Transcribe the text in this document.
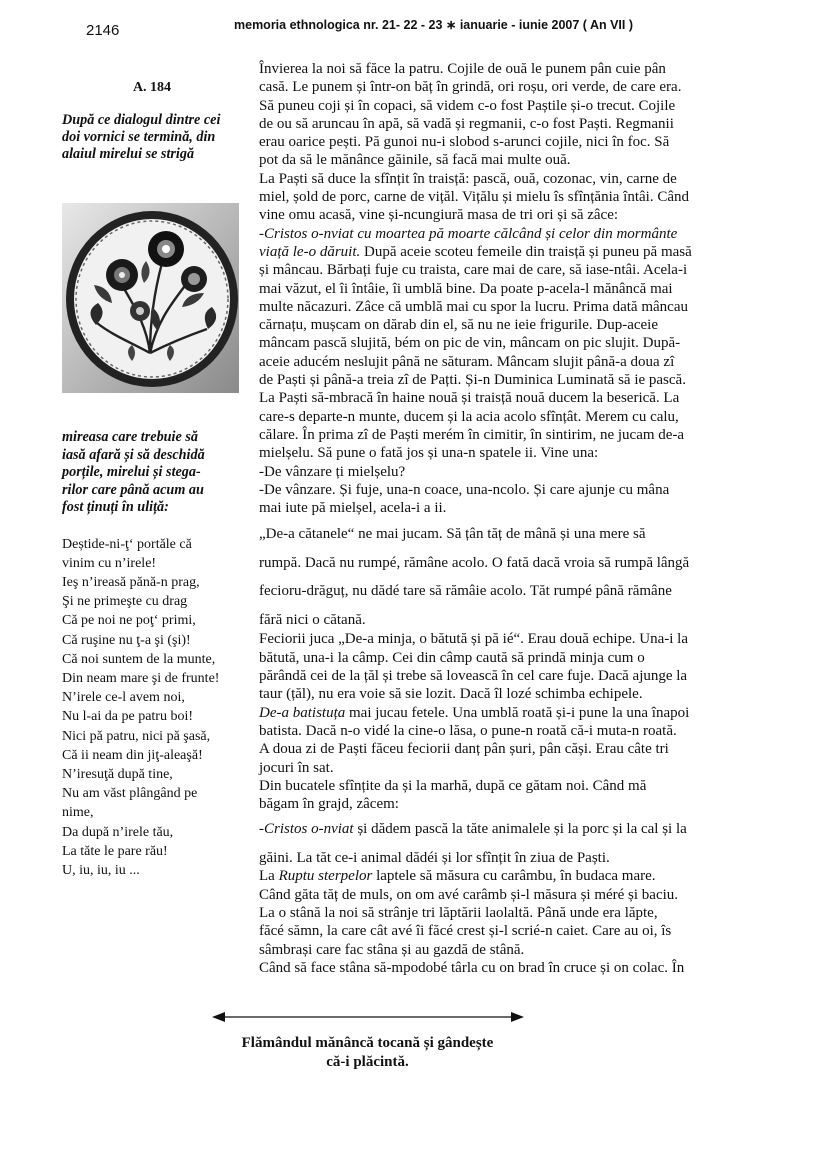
2146	memoria ethnologica nr. 21- 22 - 23 ∗ ianuarie - iunie 2007 ( An VII )
A. 184

După ce dialogul dintre cei
doi vornici se termină, din
alaiul mirelui se strigă

mireasa care trebuie să
iasă afară și să deschidă
porțile, mirelui și stega-
rilor care până acum au
fost ținuți în uliță:

Deștide-ni-ţ‘ portăle că
vinim cu n’irele!
Ieş n’ireasă pănă-n prag,
Şi ne primeşte cu drag
Că pe noi ne poţ‘ primi,
Că ruşine nu ţ-a şi (şi)!
Că noi suntem de la munte,
Din neam mare şi de frunte!
N’irele ce-l avem noi,
Nu l-ai da pe patru boi!
Nici pă patru, nici pă şasă,
Că ii neam din jiţ-aleaşă!
N’iresuţă după tine,
Nu am văst plângând pe
nime,
Da după n’irele tău,
La tăte le pare rău!
U, iu, iu, iu ...

Învierea la noi să făce la patru. Cojile de ouă le punem pân cuie pân
casă. Le punem și într-on băț în grindă, ori roșu, ori verde, de care era.
Să puneu coji și în copaci, să videm c-o fost Paștile și-o trecut. Cojile
de ou să aruncau în apă, să vadă și regmanii, c-o fost Paști. Regmanii
erau oarice pești. Pă gunoi nu-i slobod s-arunci cojile, nici în foc. Să
pot da să le mănânce găinile, să facă mai multe ouă.

La Paști să duce la sfînțit în traisță: pască, ouă, cozonac, vin, carne de
miel, șold de porc, carne de vițăl. Vițălu și mielu îs sfînțănia întâi. Când
vine omu acasă, vine și-ncungiură masa de tri ori și să zâce:

-Cristos o-nviat cu moartea pă moarte călcând și celor din mormânte
viață le-o dăruit. După aceie scoteu femeile din traisță și puneu pă masă
și mâncau. Bărbați fuje cu traista, care mai de care, să iase-ntâi. Acela-i
mai văzut, el îi întâie, îi umblă bine. Da poate p-acela-l mănâncă mai
multe năcazuri. Zâce că umblă mai cu spor la lucru. Prima dată mâncau
cărnațu, mușcam on dărab din el, să nu ne ieie frigurile. Dup-aceie
mâncam pască slujită, bém on pic de vin, mâncam on pic slujit. După-
aceie aducém neslujit până ne săturam. Mâncam slujit până-a doua zî
de Paști și până-a treia zî de Pațti. Și-n Duminica Luminată să ie pască.

La Paști să-mbracă în haine nouă și traisță nouă ducem la beserică. La
care-s departe-n munte, ducem și la acia acolo sfînțât. Merem cu calu,
călare. În prima zî de Paști merém în cimitir, în sintirim, ne jucam de-a
mielșelu. Să pune o fată jos și una-n spatele ii. Vine una:

-De vânzare ți mielșelu?

-De vânzare. Și fuje, una-n coace, una-ncolo. Și care ajunje cu mâna
mai iute pă mielșel, acela-i a ii.

„De-a cătanele“ ne mai jucam. Să țân tăț de mână și una mere să
rumpă. Dacă nu rumpé, rămâne acolo. O fată dacă vroia să rumpă lângă
fecioru-drăguț, nu dădé tare să rămâie acolo. Tăt rumpé până rămâne
fără nici o cătană.

Feciorii juca „De-a minja, o bătută și pă ié“. Erau două echipe. Una-i la
bătută, una-i la câmp. Cei din câmp caută să prindă minja cum o
părândă cei de la țăl și trebe să lovească în cel care fuje. Dacă ajunge la
taur (țăl), nu era voie să sie lozit. Dacă îl lozé schimba echipele.

De-a batistuța mai jucau fetele. Una umblă roată și-i pune la una înapoi
batista. Dacă n-o vidé la cine-o lăsa, o pune-n roată că-i muta-n roată.
A doua zi de Paști făceu feciorii danț pân șuri, pân căși. Erau câte tri
jocuri în sat.

Din bucatele sfînțite da și la marhă, după ce gătam noi. Când mă
băgam în grajd, zâcem:

-Cristos o-nviat și dădem pască la tăte animalele și la porc și la cal și la
găini. La tăt ce-i animal dădéi și lor sfînțit în ziua de Paști.

La Ruptu sterpelor laptele să măsura cu carâmbu, în budaca mare.

Când găta tăț de muls, on om avé carâmb și-l măsura și méré și baciu.
La o stână la noi să strânje tri lăptării laolaltă. Până unde era lăpte,
făcé sămn, la care cât avé îi făcé crest și-l scrié-n caiet. Care au oi, îs
sâmbrași care fac stâna și au gazdă de stână.

Când să face stâna să-mpodobé târla cu on brad în cruce și on colac. În

Flămândul mănâncă tocană și gândește
că-i plăcintă.
